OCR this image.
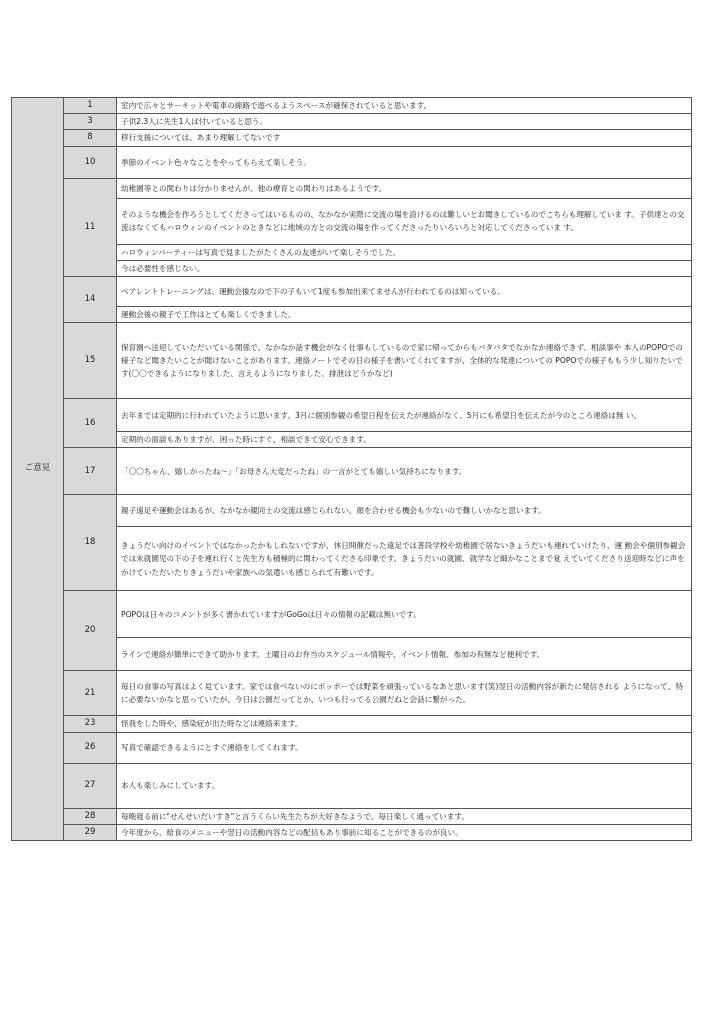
ご意見	1	室内で広々とサーキットや電車の線路で遊べるようスペースが確保されていると思います。
	3	子供2.3人に先生1人は付いていると思う。
	8	移行支援については、あまり理解してないです
	10	季節のイベント色々なことをやってもらえて楽しそう。
	11	幼稚園等との関わりは分かりませんが、他の療育との関わりはあるようです。
		そのような機会を作ろうとしてくださってはいるものの、なかなか実際に交流の場を設けるのは難しいとお聞きしているのでこちらも理解していま す。子供達との交流はなくてもハロウィンのイベントのときなどに地域の方との交流の場を作ってくださったりいろいろと対応してくださっていま す。
		ハロウィンパーティーは写真で見ましたがたくさんの友達がいて楽しそうでした。
		今は必要性を感じない。
	14	ペアレントトレーニングは、運動会後なので下の子もいて1度も参加出来てませんが行われてるのは知っている。
		運動会後の親子で工作はとても楽しくできました。
	15	保育園へ送迎していただいている関係で、なかなか話す機会がなく仕事もしているので家に帰ってからもバタバタでなかなか連絡できず、相談事や 本人のPOPOでの様子など聞きたいことが聞けないことがあります。連絡ノートでその日の様子を書いてくれてますが、全体的な発達についての POPOでの様子ももう少し知りたいです(〇〇できるようになりました、言えるようになりました、排泄はどうかなど)
	16	去年までは定期的に行われていたように思います。3月に個別参観の希望日程を伝えたが連絡がなく、5月にも希望日を伝えたが今のところ連絡は無 い。
		定期的の面談もありますが、困った時にすぐ、相談できて安心できます。
	17	「〇〇ちゃん、嬉しかったね〜」「お母さん大変だったね」の一言がとても嬉しい気持ちになります。
	18	親子遠足や運動会はあるが、なかなか親同士の交流は感じられない。顔を合わせる機会も少ないので難しいかなと思います。
		きょうだい向けのイベントではなかったかもしれないですが、休日開催だった遠足では普段学校や幼稚園で居ないきょうだいも連れていけたり、運 動会や個別参観会では未就園児の下の子を連れ行くと先生方も積極的に関わってくださる印象です。きょうだいの就園、就学など細かなことまで覚 えていてくださり送迎時などに声をかけていただいたりきょうだいや家族への気遣いも感じられて有難いです。
	20	POPOは日々のコメントが多く書かれていますがGoGoは日々の情報の記載は無いです。
		ラインで連絡が簡単にできて助かります。土曜日のお弁当のスケジュール情報や、イベント情報、参加の有無など便利です。
	21	毎日の食事の写真はよく見ています。家では食べないのにポッポーでは野菜を頑張っているなあと思います(笑)翌日の活動内容が新たに発信される ようになって、特に必要ないかなと思っていたが、今日は公園だってとか、いつも行ってる公園だねと会話に繋がった。
	23	怪我をした時や、感染症が出た時などは連絡来ます。
	26	写真で確認できるようにとすぐ連絡をしてくれます。
	27	本人も楽しみにしています。
	28	毎晩寝る前に"せんせいだいすき"と言うくらい先生たちが大好きなようで、毎日楽しく通っています。
	29	今年度から、給食のメニューや翌日の活動内容などの配信もあり事前に知ることができるのが良い。
